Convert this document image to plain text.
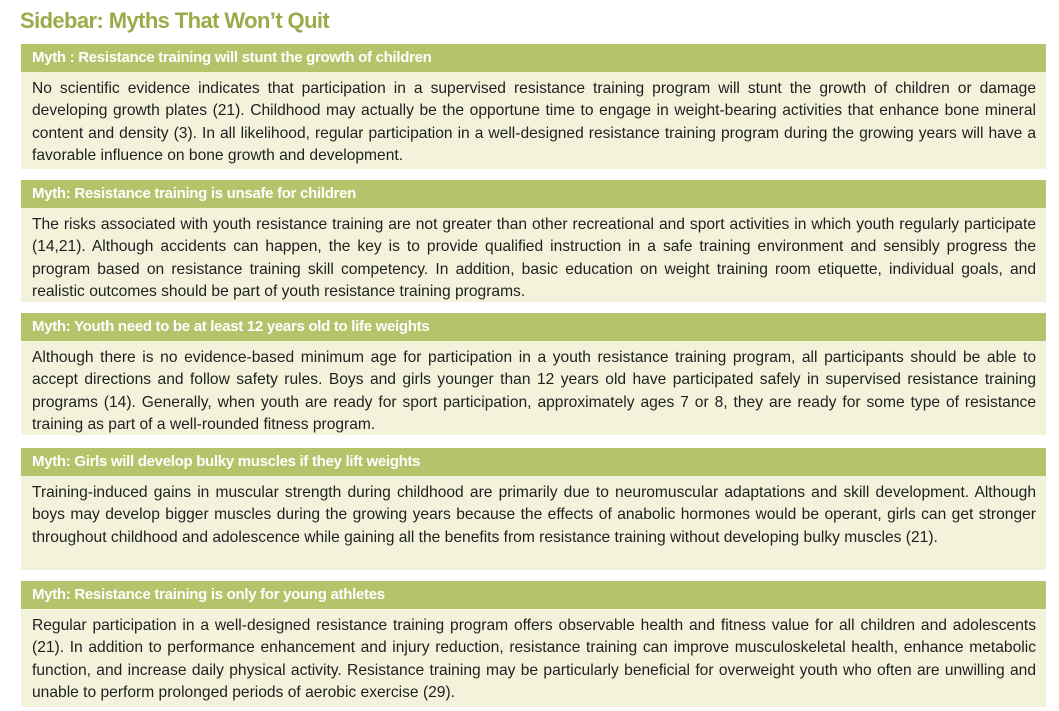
Sidebar: Myths That Won’t Quit
Myth : Resistance training will stunt the growth of children
No scientific evidence indicates that participation in a supervised resistance training program will stunt the growth of children or damage developing growth plates (21). Childhood may actually be the opportune time to engage in weight-bearing activities that enhance bone mineral content and density (3). In all likelihood, regular participation in a well-designed resistance training program during the growing years will have a favorable influence on bone growth and development.
Myth: Resistance training is unsafe for children
The risks associated with youth resistance training are not greater than other recreational and sport activities in which youth regularly participate (14,21). Although accidents can happen, the key is to provide qualified instruction in a safe training environment and sensibly progress the program based on resistance training skill competency. In addition, basic education on weight training room etiquette, individual goals, and realistic outcomes should be part of youth resistance training programs.
Myth: Youth need to be at least 12 years old to life weights
Although there is no evidence-based minimum age for participation in a youth resistance training program, all participants should be able to accept directions and follow safety rules. Boys and girls younger than 12 years old have participated safely in supervised resistance training programs (14). Generally, when youth are ready for sport participation, approximately ages 7 or 8, they are ready for some type of resistance training as part of a well-rounded fitness program.
Myth: Girls will develop bulky muscles if they lift weights
Training-induced gains in muscular strength during childhood are primarily due to neuromuscular adaptations and skill development. Although boys may develop bigger muscles during the growing years because the effects of anabolic hormones would be operant, girls can get stronger throughout childhood and adolescence while gaining all the benefits from resistance training without developing bulky muscles (21).
Myth: Resistance training is only for young athletes
Regular participation in a well-designed resistance training program offers observable health and fitness value for all children and adolescents (21). In addition to performance enhancement and injury reduction, resistance training can improve musculoskeletal health, enhance metabolic function, and increase daily physical activity. Resistance training may be particularly beneficial for overweight youth who often are unwilling and unable to perform prolonged periods of aerobic exercise (29).
